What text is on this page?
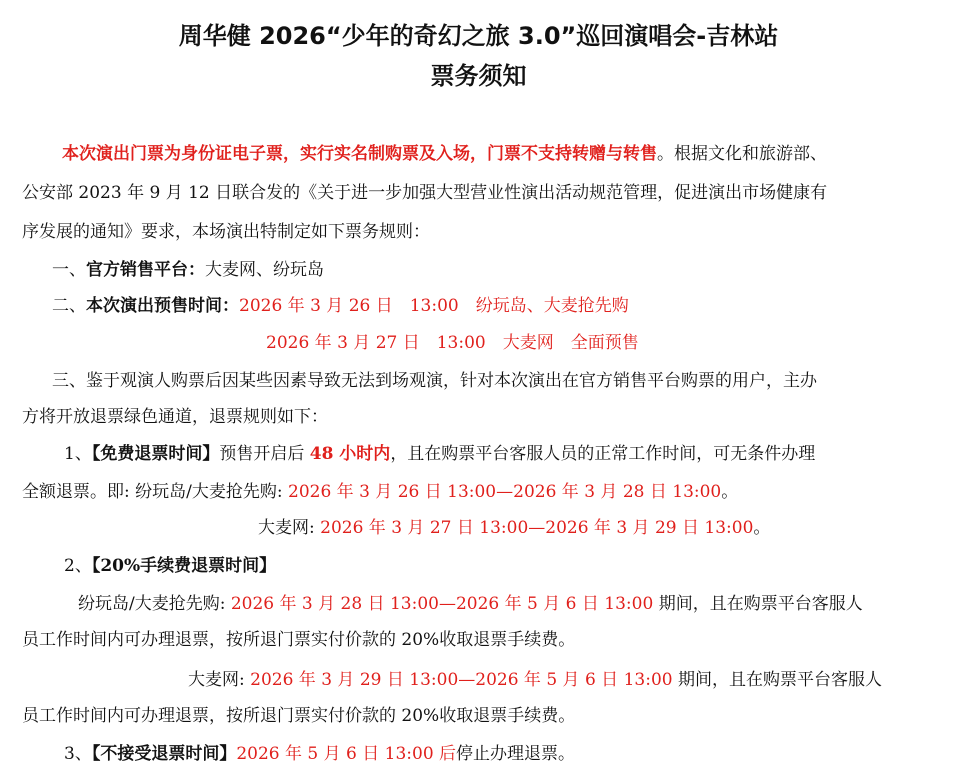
周华健 2026“少年的奇幻之旅 3.0”巡回演唱会-吉林站
票务须知
本次演出门票为身份证电子票，实行实名制购票及入场，门票不支持转赠与转售。根据文化和旅游部、
公安部 2023 年 9 月 12 日联合发的《关于进一步加强大型营业性演出活动规范管理，促进演出市场健康有
序发展的通知》要求，本场演出特制定如下票务规则：
一、官方销售平台：大麦网、纷玩岛
二、本次演出预售时间：2026 年 3 月 26 日　13:00　纷玩岛、大麦抢先购
2026 年 3 月 27 日　13:00　大麦网　全面预售
三、鉴于观演人购票后因某些因素导致无法到场观演，针对本次演出在官方销售平台购票的用户，主办
方将开放退票绿色通道，退票规则如下：
1、【免费退票时间】预售开启后 48 小时内，且在购票平台客服人员的正常工作时间，可无条件办理
全额退票。即: 纷玩岛/大麦抢先购: 2026 年 3 月 26 日 13:00—2026 年 3 月 28 日 13:00。
大麦网: 2026 年 3 月 27 日 13:00—2026 年 3 月 29 日 13:00。
2、【20%手续费退票时间】
纷玩岛/大麦抢先购: 2026 年 3 月 28 日 13:00—2026 年 5 月 6 日 13:00 期间，且在购票平台客服人
员工作时间内可办理退票，按所退门票实付价款的 20%收取退票手续费。
大麦网: 2026 年 3 月 29 日 13:00—2026 年 5 月 6 日 13:00 期间，且在购票平台客服人
员工作时间内可办理退票，按所退门票实付价款的 20%收取退票手续费。
3、【不接受退票时间】2026 年 5 月 6 日 13:00 后停止办理退票。
